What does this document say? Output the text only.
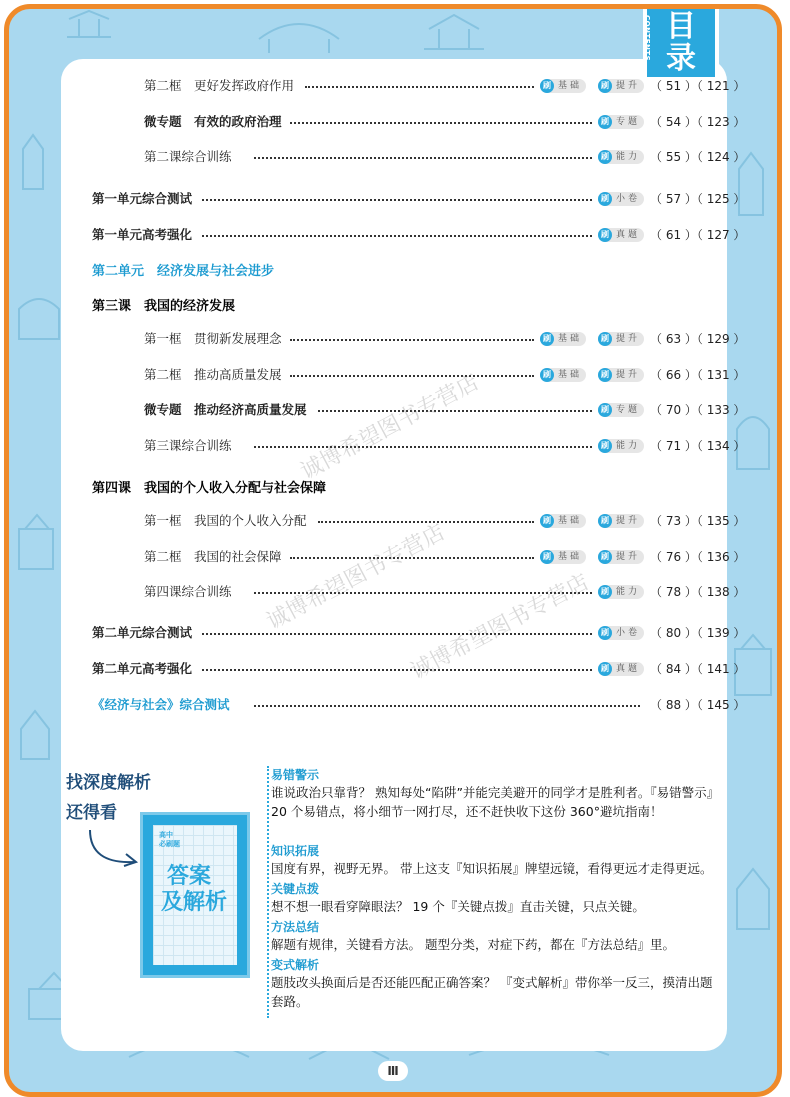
CONTENTS 目录
第二框　更好发挥政府作用	刷 基础	刷 提升 （ 51 ）（ 121 ）
微专题　有效的政府治理	刷 专题 （ 54 ）（ 123 ）
第二课综合训练	刷 能力 （ 55 ）（ 124 ）
第一单元综合测试	刷 小卷 （ 57 ）（ 125 ）
第一单元高考强化	刷 真题 （ 61 ）（ 127 ）
第二单元　经济发展与社会进步
第三课　我国的经济发展
第一框　贯彻新发展理念	刷 基础	刷 提升 （ 63 ）（ 129 ）
第二框　推动高质量发展	刷 基础	刷 提升 （ 66 ）（ 131 ）
微专题　推动经济高质量发展	刷 专题 （ 70 ）（ 133 ）
第三课综合训练	刷 能力 （ 71 ）（ 134 ）
第四课　我国的个人收入分配与社会保障
第一框　我国的个人收入分配	刷 基础	刷 提升 （ 73 ）（ 135 ）
第二框　我国的社会保障	刷 基础	刷 提升 （ 76 ）（ 136 ）
第四课综合训练	刷 能力 （ 78 ）（ 138 ）
第二单元综合测试	刷 小卷 （ 80 ）（ 139 ）
第二单元高考强化	刷 真题 （ 84 ）（ 141 ）
《经济与社会》综合测试	（ 88 ）（ 145 ）
找深度解析
还得看
高中
必刷题
答案
及解析
易错警示
谁说政治只靠背？ 熟知每处“陷阱”并能完美避开的同学才是胜利者。『易错警示』20 个易错点，将小细节一网打尽，还不赶快收下这份 360°避坑指南！
知识拓展
国度有界，视野无界。 带上这支『知识拓展』牌望远镜，看得更远才走得更远。
关键点拨
想不想一眼看穿障眼法？ 19 个『关键点拨』直击关键，只点关键。
方法总结
解题有规律，关键看方法。 题型分类，对症下药，都在『方法总结』里。
变式解析
题肢改头换面后是否还能匹配正确答案？ 『变式解析』带你举一反三，摸清出题套路。
诚博希望图书专营店
诚博希望图书专营店
诚博希望图书专营店
Ⅲ
